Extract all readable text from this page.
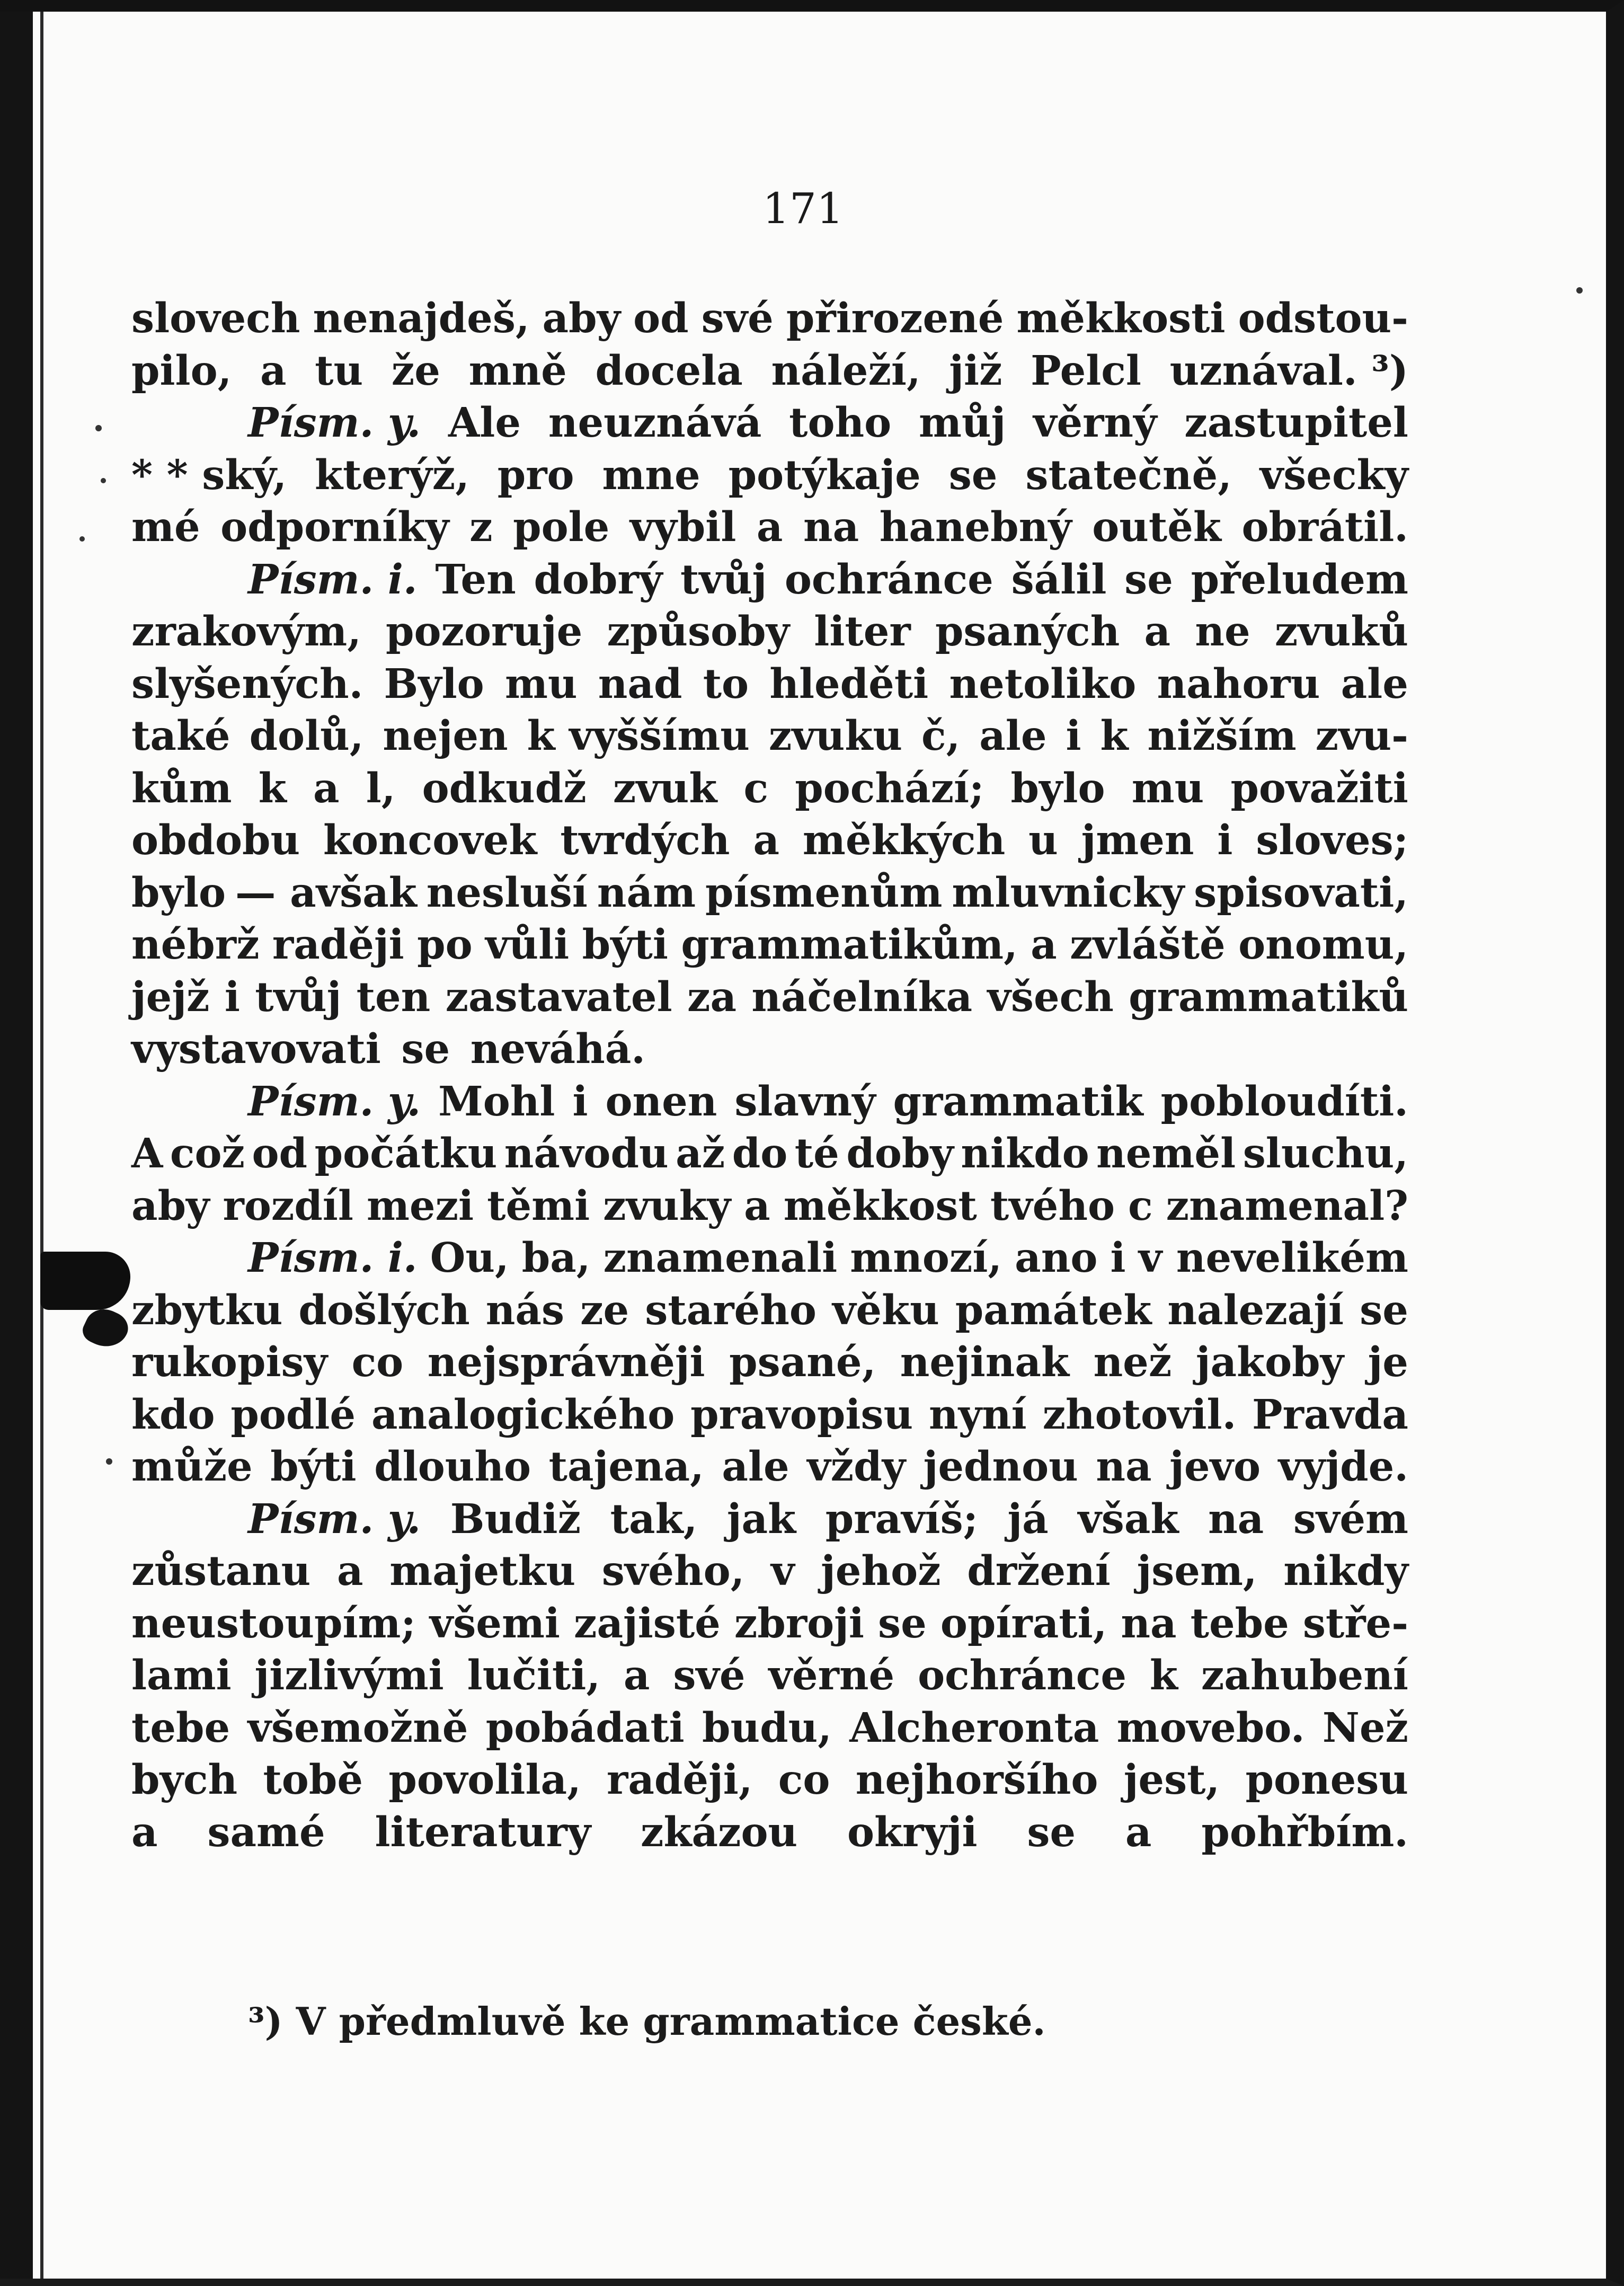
171
slovech nenajdeš, aby od své přirozené měkkosti odstou-
pilo, a tu že mně docela náleží, již Pelcl uznával. ³)
Písm. y. Ale neuznává toho můj věrný zastupitel
* * ský, kterýž, pro mne potýkaje se statečně, všecky
mé odporníky z pole vybil a na hanebný outěk obrátil.
Písm. i. Ten dobrý tvůj ochránce šálil se přeludem
zrakovým, pozoruje způsoby liter psaných a ne zvuků
slyšených. Bylo mu nad to hleděti netoliko nahoru ale
také dolů, nejen k vyššímu zvuku č, ale i k nižším zvu-
kům k a l, odkudž zvuk c pochází; bylo mu považiti
obdobu koncovek tvrdých a měkkých u jmen i sloves;
bylo — avšak nesluší nám písmenům mluvnicky spisovati,
nébrž raději po vůli býti grammatikům, a zvláště onomu,
jejž i tvůj ten zastavatel za náčelníka všech grammatiků
vystavovati se neváhá.
Písm. y. Mohl i onen slavný grammatik pobloudíti.
A což od počátku návodu až do té doby nikdo neměl sluchu,
aby rozdíl mezi těmi zvuky a měkkost tvého c znamenal?
Písm. i. Ou, ba, znamenali mnozí, ano i v nevelikém
zbytku došlých nás ze starého věku památek nalezají se
rukopisy co nejsprávněji psané, nejinak než jakoby je
kdo podlé analogického pravopisu nyní zhotovil. Pravda
může býti dlouho tajena, ale vždy jednou na jevo vyjde.
Písm. y. Budiž tak, jak pravíš; já však na svém
zůstanu a majetku svého, v jehož držení jsem, nikdy
neustoupím; všemi zajisté zbroji se opírati, na tebe stře-
lami jizlivými lučiti, a své věrné ochránce k zahubení
tebe všemožně pobádati budu, Alcheronta movebo. Než
bych tobě povolila, raději, co nejhoršího jest, ponesu
a samé literatury zkázou okryji se a pohřbím.
³) V předmluvě ke grammatice české.
